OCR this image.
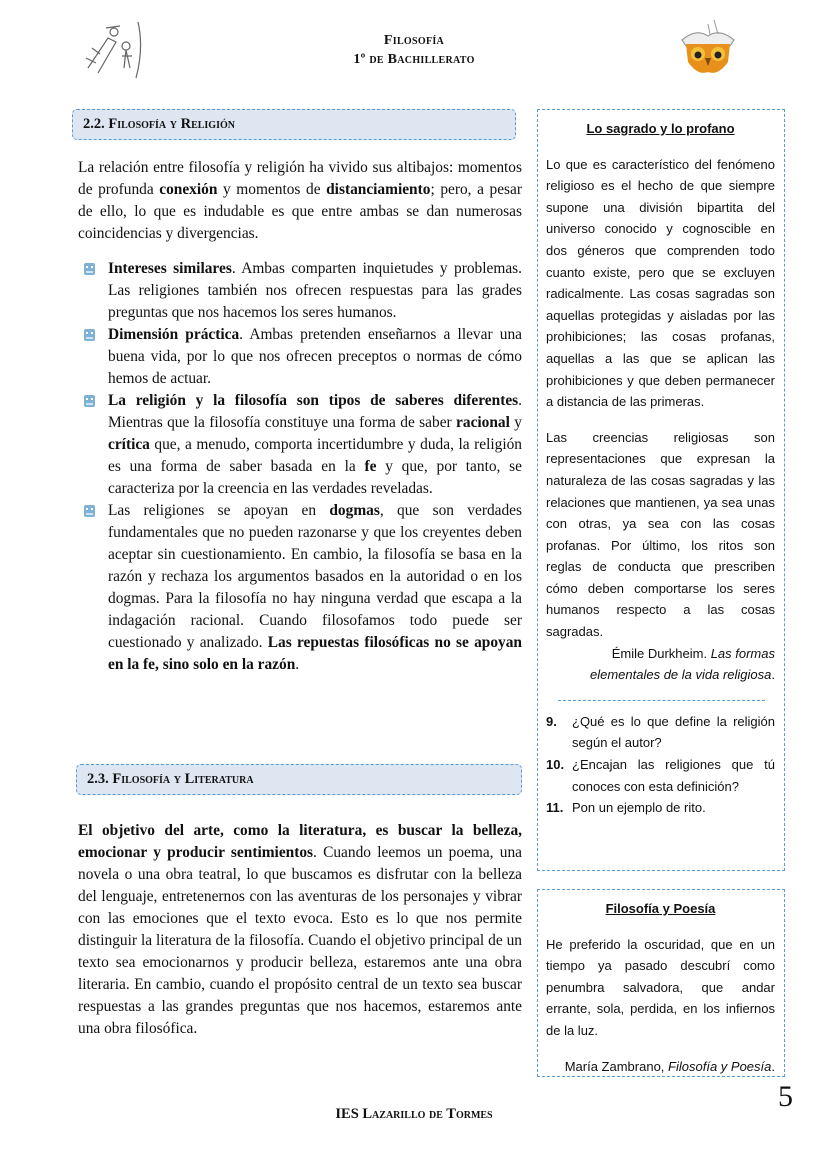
Filosofía
1º de Bachillerato
2.2. Filosofía y Religión

La relación entre filosofía y religión ha vivido sus altibajos: momentos de profunda conexión y momentos de distanciamiento; pero, a pesar de ello, lo que es indudable es que entre ambas se dan numerosas coincidencias y divergencias.

Intereses similares. Ambas comparten inquietudes y problemas. Las religiones también nos ofrecen respuestas para las grades preguntas que nos hacemos los seres humanos.
Dimensión práctica. Ambas pretenden enseñarnos a llevar una buena vida, por lo que nos ofrecen preceptos o normas de cómo hemos de actuar.
La religión y la filosofía son tipos de saberes diferentes. Mientras que la filosofía constituye una forma de saber racional y crítica que, a menudo, comporta incertidumbre y duda, la religión es una forma de saber basada en la fe y que, por tanto, se caracteriza por la creencia en las verdades reveladas.
Las religiones se apoyan en dogmas, que son verdades fundamentales que no pueden razonarse y que los creyentes deben aceptar sin cuestionamiento. En cambio, la filosofía se basa en la razón y rechaza los argumentos basados en la autoridad o en los dogmas. Para la filosofía no hay ninguna verdad que escapa a la indagación racional. Cuando filosofamos todo puede ser cuestionado y analizado. Las repuestas filosóficas no se apoyan en la fe, sino solo en la razón.
2.3. Filosofía y Literatura

El objetivo del arte, como la literatura, es buscar la belleza, emocionar y producir sentimientos. Cuando leemos un poema, una novela o una obra teatral, lo que buscamos es disfrutar con la belleza del lenguaje, entretenernos con las aventuras de los personajes y vibrar con las emociones que el texto evoca. Esto es lo que nos permite distinguir la literatura de la filosofía. Cuando el objetivo principal de un texto sea emocionarnos y producir belleza, estaremos ante una obra literaria. En cambio, cuando el propósito central de un texto sea buscar respuestas a las grandes preguntas que nos hacemos, estaremos ante una obra filosófica.

Lo sagrado y lo profano

Lo que es característico del fenómeno religioso es el hecho de que siempre supone una división bipartita del universo conocido y cognoscible en dos géneros que comprenden todo cuanto existe, pero que se excluyen radicalmente. Las cosas sagradas son aquellas protegidas y aisladas por las prohibiciones; las cosas profanas, aquellas a las que se aplican las prohibiciones y que deben permanecer a distancia de las primeras.

Las creencias religiosas son representaciones que expresan la naturaleza de las cosas sagradas y las relaciones que mantienen, ya sea unas con otras, ya sea con las cosas profanas. Por último, los ritos son reglas de conducta que prescriben cómo deben comportarse los seres humanos respecto a las cosas sagradas.

Émile Durkheim. Las formas elementales de la vida religiosa.

9. ¿Qué es lo que define la religión según el autor?
10. ¿Encajan las religiones que tú conoces con esta definición?
11. Pon un ejemplo de rito.
Filosofía y Poesía

He preferido la oscuridad, que en un tiempo ya pasado descubrí como penumbra salvadora, que andar errante, sola, perdida, en los infiernos de la luz.

María Zambrano, Filosofía y Poesía.

IES Lazarillo de Tormes
5
